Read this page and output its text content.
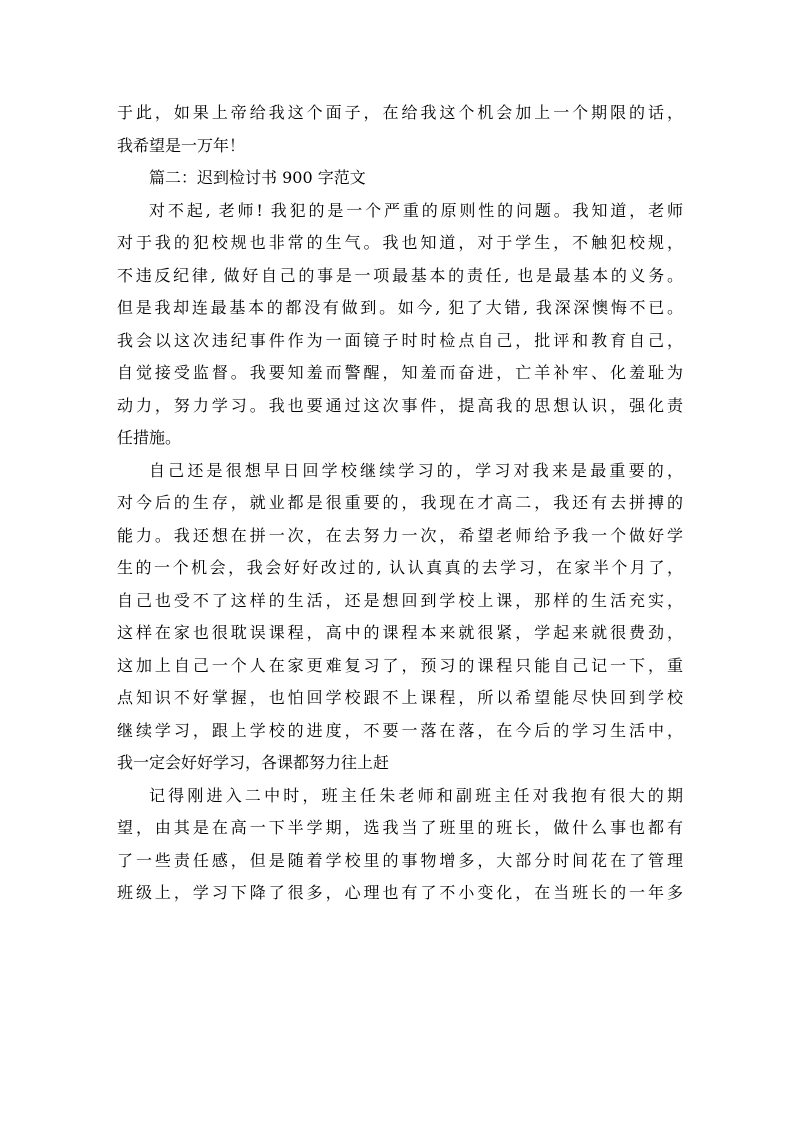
于此，如果上帝给我这个面子，在给我这个机会加上一个期限的话，
我希望是一万年！
篇二：迟到检讨书 900 字范文
对不起, 老师! 我犯的是一个严重的原则性的问题。我知道，老师
对于我的犯校规也非常的生气。我也知道，对于学生，不触犯校规，
不违反纪律, 做好自己的事是一项最基本的责任, 也是最基本的义务。
但是我却连最基本的都没有做到。如今, 犯了大错, 我深深懊悔不已。
我会以这次违纪事件作为一面镜子时时检点自己，批评和教育自己，
自觉接受监督。我要知羞而警醒，知羞而奋进，亡羊补牢、化羞耻为
动力，努力学习。我也要通过这次事件，提高我的思想认识，强化责
任措施。
自己还是很想早日回学校继续学习的，学习对我来是最重要的，
对今后的生存，就业都是很重要的，我现在才高二，我还有去拼搏的
能力。我还想在拼一次，在去努力一次，希望老师给予我一个做好学
生的一个机会，我会好好改过的, 认认真真的去学习，在家半个月了，
自己也受不了这样的生活，还是想回到学校上课，那样的生活充实，
这样在家也很耽误课程，高中的课程本来就很紧，学起来就很费劲，
这加上自己一个人在家更难复习了，预习的课程只能自己记一下，重
点知识不好掌握，也怕回学校跟不上课程，所以希望能尽快回到学校
继续学习，跟上学校的进度，不要一落在落，在今后的学习生活中，
我一定会好好学习，各课都努力往上赶
记得刚进入二中时，班主任朱老师和副班主任对我抱有很大的期
望，由其是在高一下半学期，选我当了班里的班长，做什么事也都有
了一些责任感，但是随着学校里的事物增多，大部分时间花在了管理
班级上，学习下降了很多，心理也有了不小变化，在当班长的一年多
